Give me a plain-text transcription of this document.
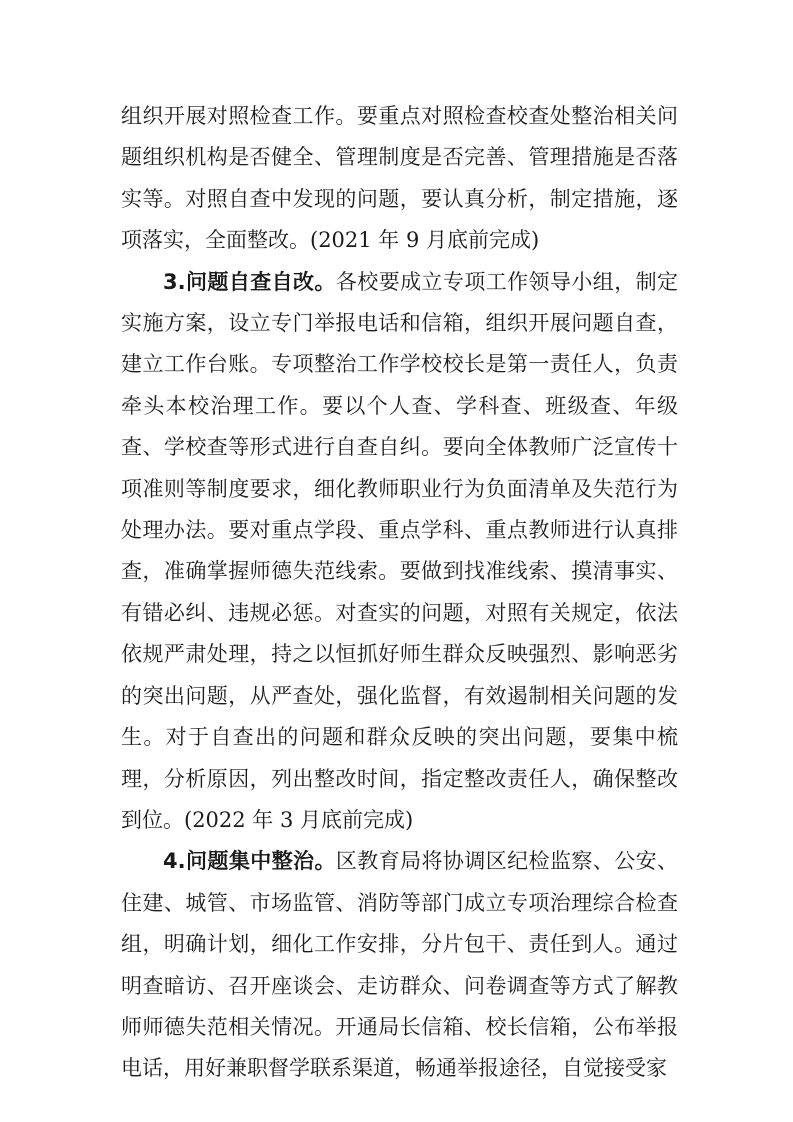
组织开展对照检查工作。要重点对照检查校查处整治相关问题组织机构是否健全、管理制度是否完善、管理措施是否落实等。对照自查中发现的问题，要认真分析，制定措施，逐项落实，全面整改。(2021 年 9 月底前完成)

3.问题自查自改。各校要成立专项工作领导小组，制定实施方案，设立专门举报电话和信箱，组织开展问题自查，建立工作台账。专项整治工作学校校长是第一责任人，负责牵头本校治理工作。要以个人查、学科查、班级查、年级查、学校查等形式进行自查自纠。要向全体教师广泛宣传十项准则等制度要求，细化教师职业行为负面清单及失范行为处理办法。要对重点学段、重点学科、重点教师进行认真排查，准确掌握师德失范线索。要做到找准线索、摸清事实、有错必纠、违规必惩。对查实的问题，对照有关规定，依法依规严肃处理，持之以恒抓好师生群众反映强烈、影响恶劣的突出问题，从严查处，强化监督，有效遏制相关问题的发生。对于自查出的问题和群众反映的突出问题，要集中梳理，分析原因，列出整改时间，指定整改责任人，确保整改到位。(2022 年 3 月底前完成)

4.问题集中整治。区教育局将协调区纪检监察、公安、住建、城管、市场监管、消防等部门成立专项治理综合检查组，明确计划，细化工作安排，分片包干、责任到人。通过明查暗访、召开座谈会、走访群众、问卷调查等方式了解教师师德失范相关情况。开通局长信箱、校长信箱，公布举报电话，用好兼职督学联系渠道，畅通举报途径，自觉接受家
